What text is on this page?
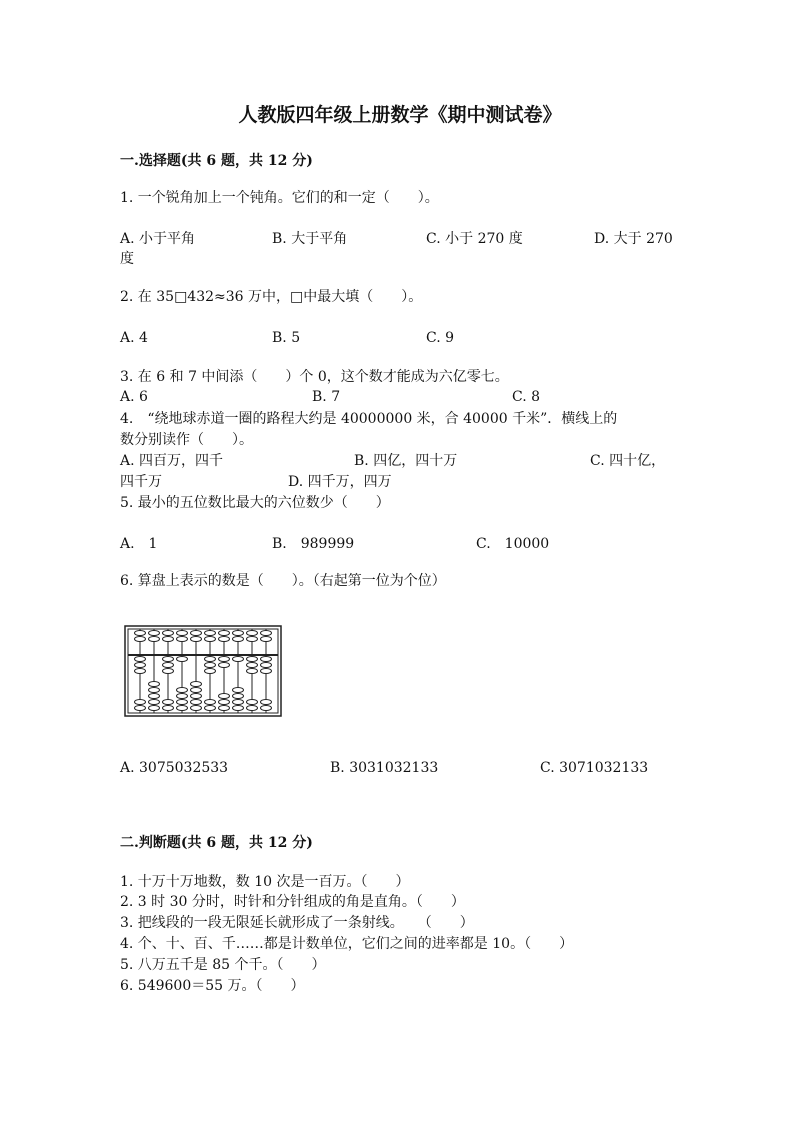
人教版四年级上册数学《期中测试卷》
一.选择题(共 6 题，共 12 分)
1. 一个锐角加上一个钝角。它们的和一定（　　）。
A. 小于平角	B. 大于平角	C. 小于 270 度	D. 大于 270
度
2. 在 35□432≈36 万中，□中最大填（　　）。
A. 4	B. 5	C. 9
3. 在 6 和 7 中间添（　　）个 0，这个数才能成为六亿零七。
A. 6	B. 7	C. 8
4.　“绕地球赤道一圈的路程大约是 40000000 米，合 40000 千米”．横线上的
数分别读作（　　）。
A. 四百万，四千	B. 四亿，四十万	C. 四十亿，
四千万	D. 四千万，四万
5. 最小的五位数比最大的六位数少（　　）
A.　1	B.　989999	C.　10000
6. 算盘上表示的数是（　　）。（右起第一位为个位）
A. 3075032533	B. 3031032133	C. 3071032133
二.判断题(共 6 题，共 12 分)
1. 十万十万地数，数 10 次是一百万。（　　）
2. 3 时 30 分时，时针和分针组成的角是直角。（　　）
3. 把线段的一段无限延长就形成了一条射线。　　（　　）
4. 个、十、百、千……都是计数单位，它们之间的进率都是 10。（　　）
5. 八万五千是 85 个千。（　　）
6. 549600＝55 万。（　　）
